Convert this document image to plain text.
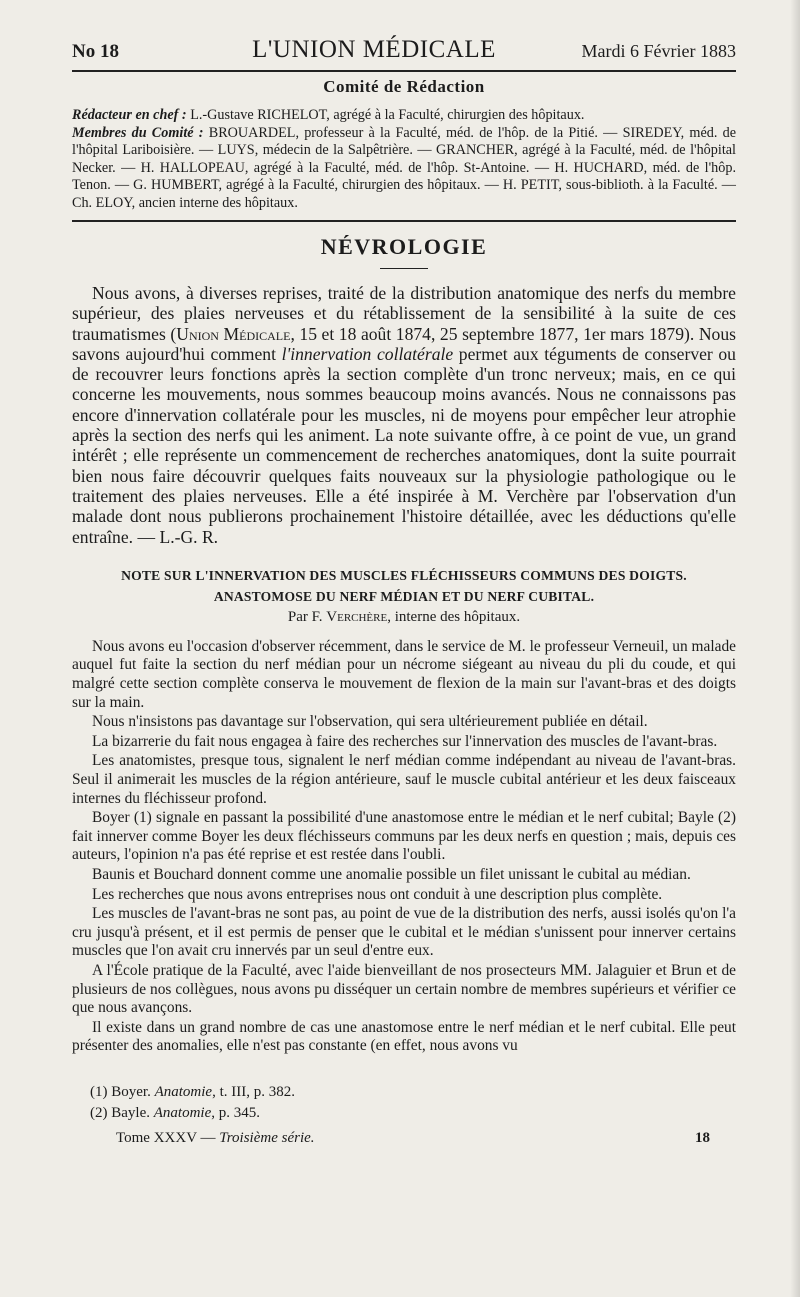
No 18	L'UNION MÉDICALE	Mardi 6 Février 1883
Comité de Rédaction

Rédacteur en chef : L.-Gustave RICHELOT, agrégé à la Faculté, chirurgien des hôpitaux.

Membres du Comité : BROUARDEL, professeur à la Faculté, méd. de l'hôp. de la Pitié. — SIREDEY, méd. de l'hôpital Lariboisière. — LUYS, médecin de la Salpêtrière. — GRANCHER, agrégé à la Faculté, méd. de l'hôpital Necker. — H. HALLOPEAU, agrégé à la Faculté, méd. de l'hôp. St-Antoine. — H. HUCHARD, méd. de l'hôp. Tenon. — G. HUMBERT, agrégé à la Faculté, chirurgien des hôpitaux. — H. PETIT, sous-biblioth. à la Faculté. — Ch. ELOY, ancien interne des hôpitaux.

NÉVROLOGIE

Nous avons, à diverses reprises, traité de la distribution anatomique des nerfs du membre supérieur, des plaies nerveuses et du rétablissement de la sensibilité à la suite de ces traumatismes (Union Médicale, 15 et 18 août 1874, 25 septembre 1877, 1er mars 1879). Nous savons aujourd'hui comment l'innervation collatérale permet aux téguments de conserver ou de recouvrer leurs fonctions après la section complète d'un tronc nerveux; mais, en ce qui concerne les mouvements, nous sommes beaucoup moins avancés. Nous ne connaissons pas encore d'innervation collatérale pour les muscles, ni de moyens pour empêcher leur atrophie après la section des nerfs qui les animent. La note suivante offre, à ce point de vue, un grand intérêt ; elle représente un commencement de recherches anatomiques, dont la suite pourrait bien nous faire découvrir quelques faits nouveaux sur la physiologie pathologique ou le traitement des plaies nerveuses. Elle a été inspirée à M. Verchère par l'observation d'un malade dont nous publierons prochainement l'histoire détaillée, avec les déductions qu'elle entraîne. — L.-G. R.

NOTE SUR L'INNERVATION DES MUSCLES FLÉCHISSEURS COMMUNS DES DOIGTS.
ANASTOMOSE DU NERF MÉDIAN ET DU NERF CUBITAL.
Par F. Verchère, interne des hôpitaux.

Nous avons eu l'occasion d'observer récemment, dans le service de M. le professeur Verneuil, un malade auquel fut faite la section du nerf médian pour un nécrome siégeant au niveau du pli du coude, et qui malgré cette section complète conserva le mouvement de flexion de la main sur l'avant-bras et des doigts sur la main.

Nous n'insistons pas davantage sur l'observation, qui sera ultérieurement publiée en détail.

La bizarrerie du fait nous engagea à faire des recherches sur l'innervation des muscles de l'avant-bras.

Les anatomistes, presque tous, signalent le nerf médian comme indépendant au niveau de l'avant-bras. Seul il animerait les muscles de la région antérieure, sauf le muscle cubital antérieur et les deux faisceaux internes du fléchisseur profond.

Boyer (1) signale en passant la possibilité d'une anastomose entre le médian et le nerf cubital; Bayle (2) fait innerver comme Boyer les deux fléchisseurs communs par les deux nerfs en question ; mais, depuis ces auteurs, l'opinion n'a pas été reprise et est restée dans l'oubli.

Baunis et Bouchard donnent comme une anomalie possible un filet unissant le cubital au médian.

Les recherches que nous avons entreprises nous ont conduit à une description plus complète.

Les muscles de l'avant-bras ne sont pas, au point de vue de la distribution des nerfs, aussi isolés qu'on l'a cru jusqu'à présent, et il est permis de penser que le cubital et le médian s'unissent pour innerver certains muscles que l'on avait cru innervés par un seul d'entre eux.

A l'École pratique de la Faculté, avec l'aide bienveillant de nos prosecteurs MM. Jalaguier et Brun et de plusieurs de nos collègues, nous avons pu disséquer un certain nombre de membres supérieurs et vérifier ce que nous avançons.

Il existe dans un grand nombre de cas une anastomose entre le nerf médian et le nerf cubital. Elle peut présenter des anomalies, elle n'est pas constante (en effet, nous avons vu

(1) Boyer. Anatomie, t. III, p. 382.
(2) Bayle. Anatomie, p. 345.
Tome XXXV — Troisième série.	18
